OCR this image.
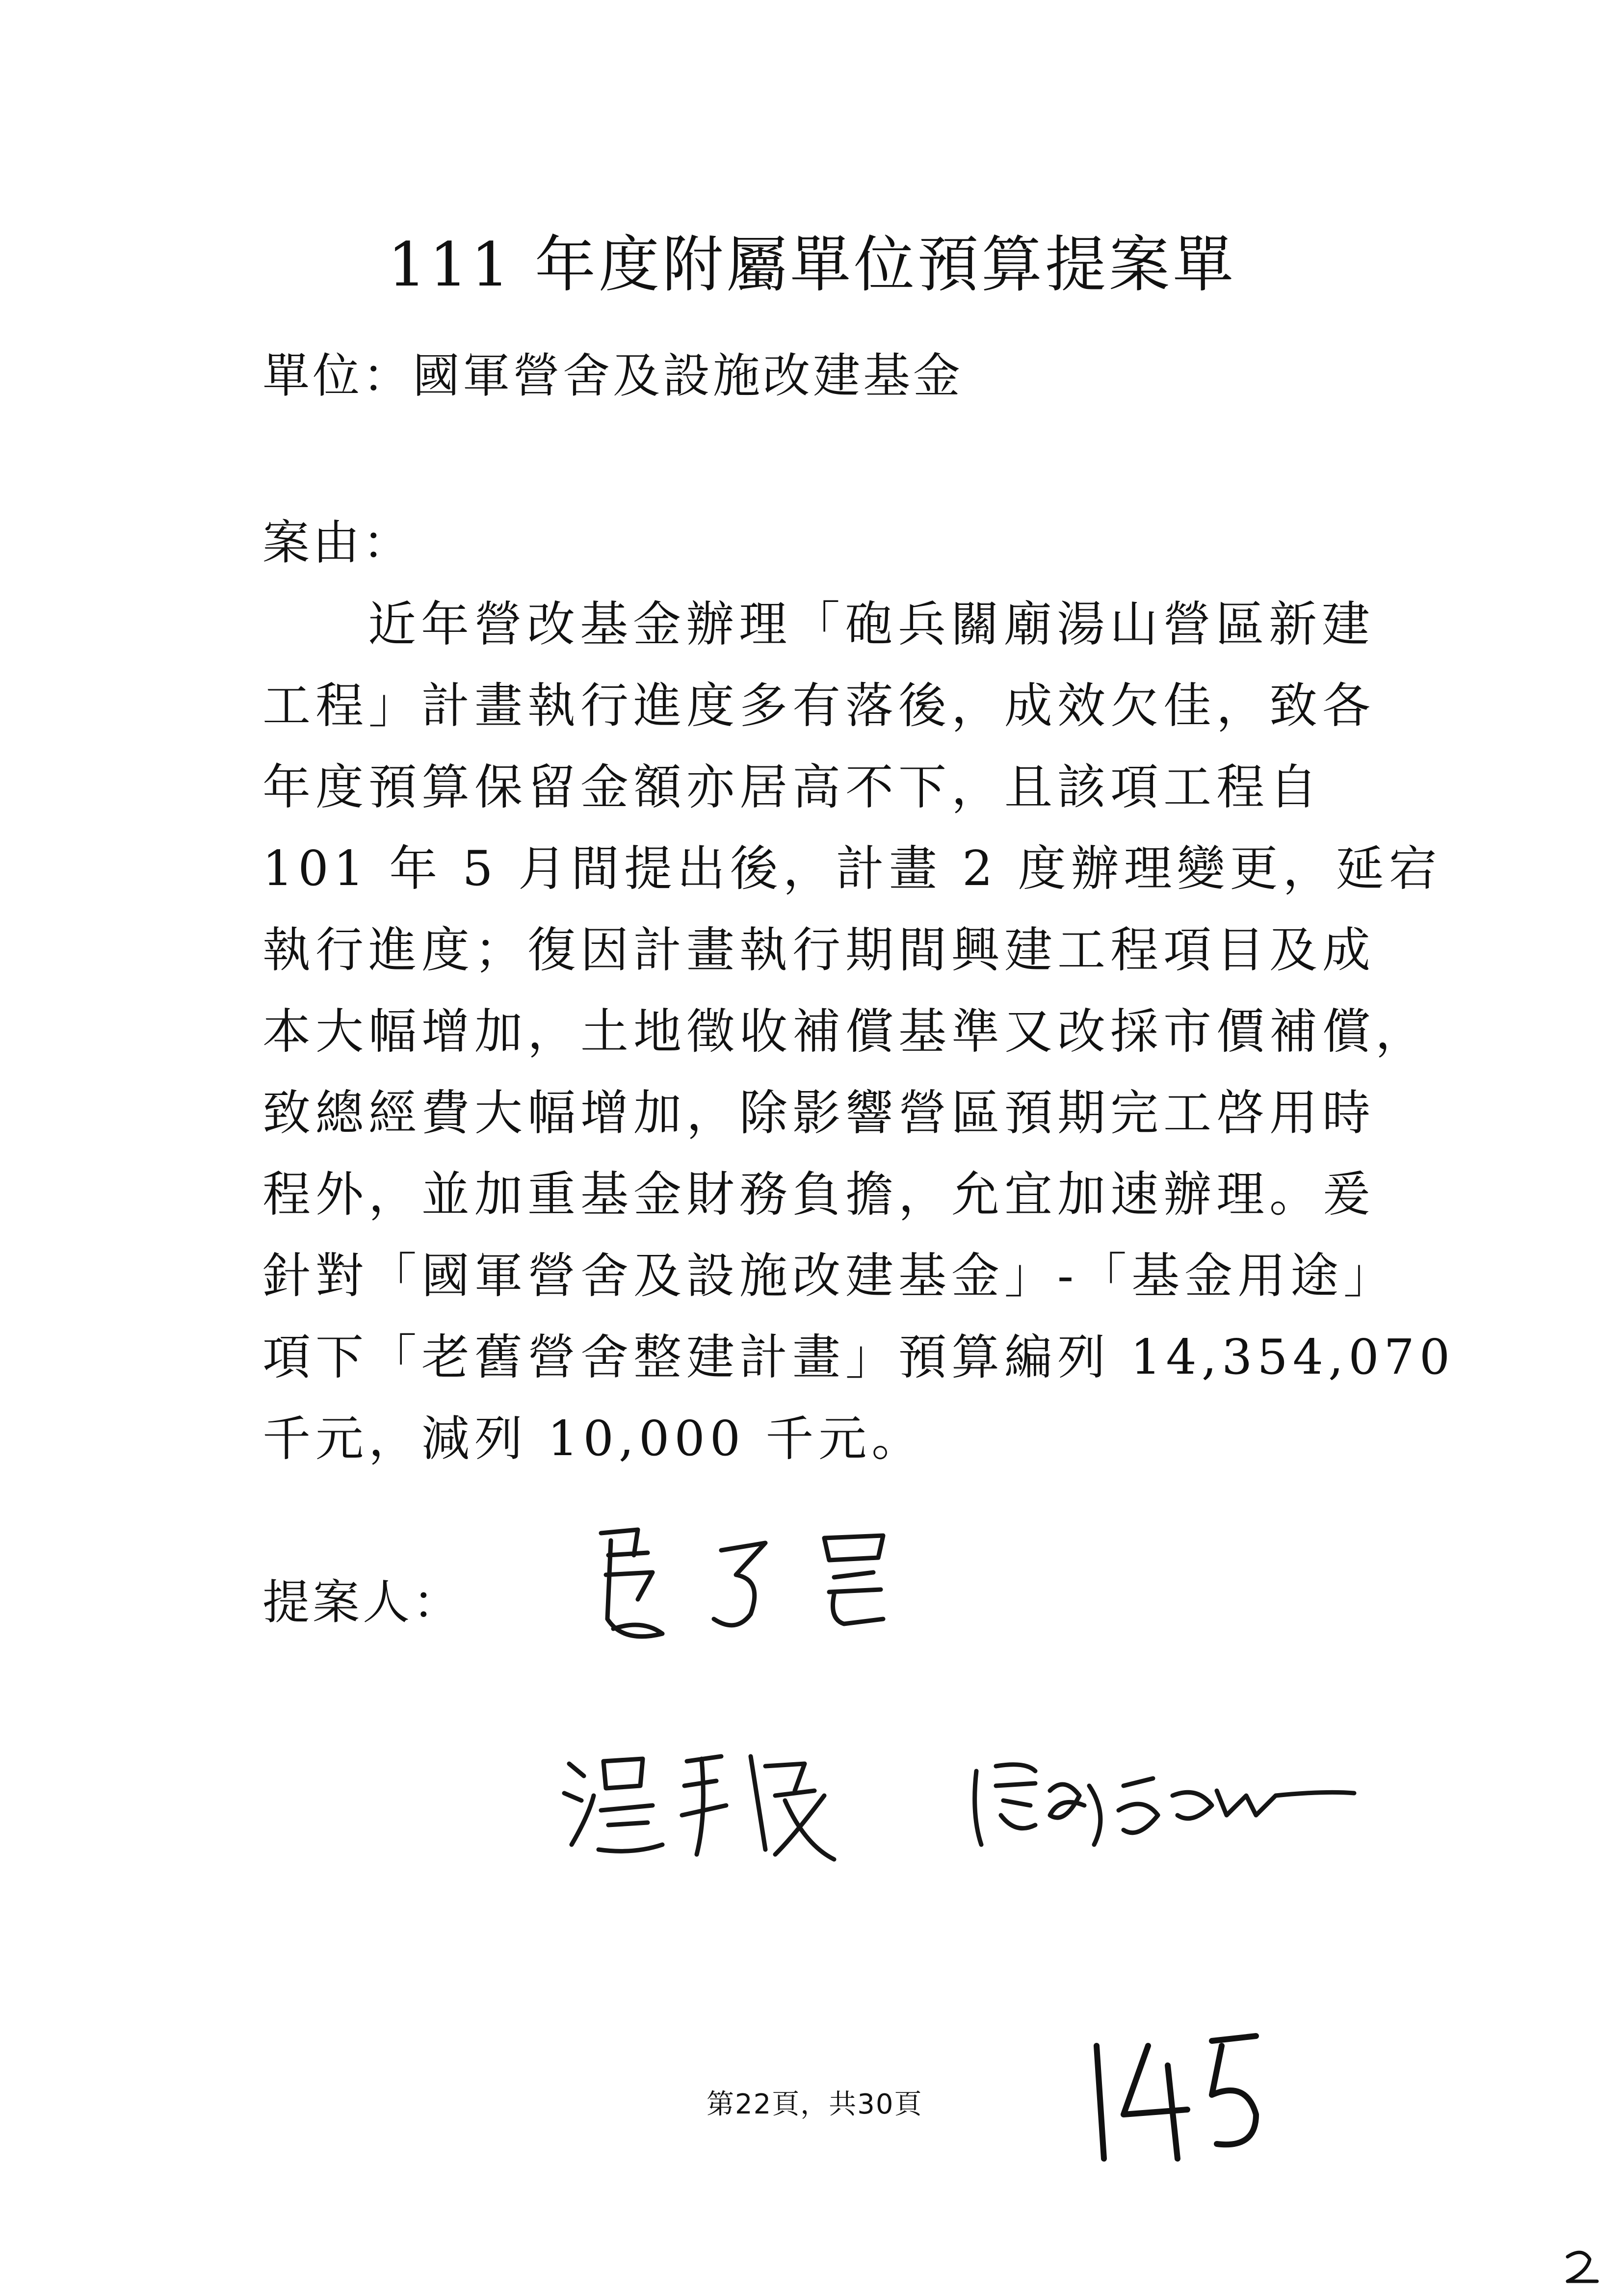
111 年度附屬單位預算提案單
單位：國軍營舍及設施改建基金
案由：
近年營改基金辦理「砲兵關廟湯山營區新建
工程」計畫執行進度多有落後，成效欠佳，致各
年度預算保留金額亦居高不下，且該項工程自
101 年 5 月間提出後，計畫 2 度辦理變更，延宕
執行進度；復因計畫執行期間興建工程項目及成
本大幅增加，土地徵收補償基準又改採市價補償，
致總經費大幅增加，除影響營區預期完工啓用時
程外，並加重基金財務負擔，允宜加速辦理。爰
針對「國軍營舍及設施改建基金」-「基金用途」
項下「老舊營舍整建計畫」預算編列 14,354,070
千元，減列 10,000 千元。
提案人：
第22頁，共30頁
